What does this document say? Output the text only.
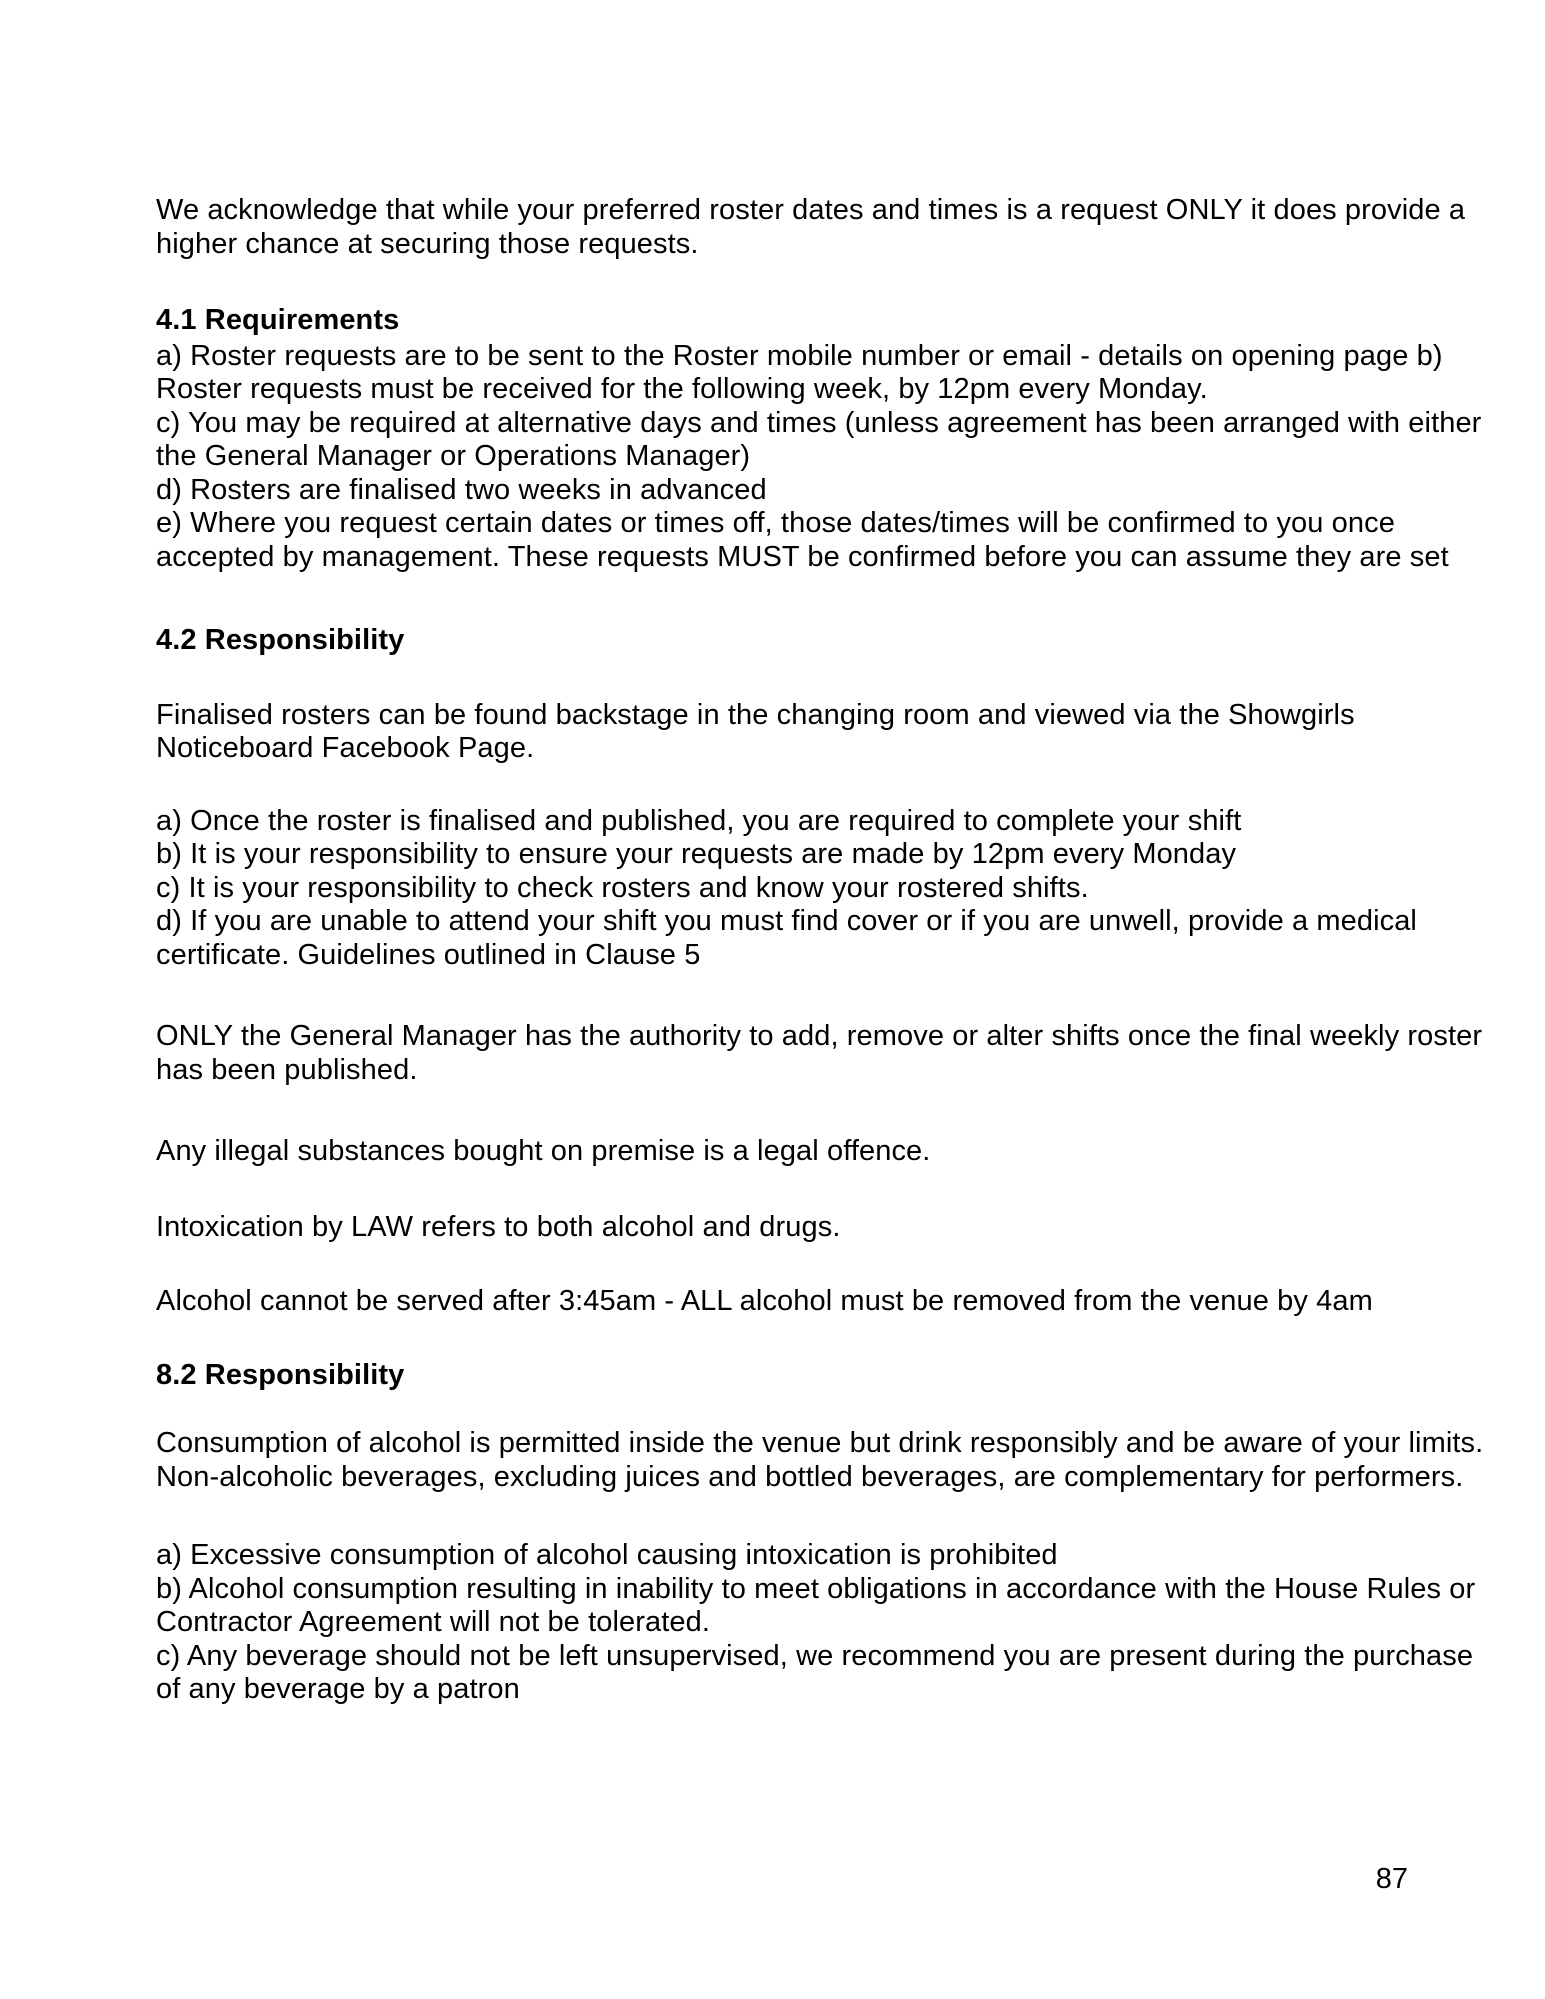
We acknowledge that while your preferred roster dates and times is a request ONLY it does provide a
higher chance at securing those requests.
4.1 Requirements
a) Roster requests are to be sent to the Roster mobile number or email - details on opening page b)
Roster requests must be received for the following week, by 12pm every Monday.
c) You may be required at alternative days and times (unless agreement has been arranged with either
the General Manager or Operations Manager)
d) Rosters are finalised two weeks in advanced
e) Where you request certain dates or times off, those dates/times will be confirmed to you once
accepted by management. These requests MUST be confirmed before you can assume they are set
4.2 Responsibility
Finalised rosters can be found backstage in the changing room and viewed via the Showgirls
Noticeboard Facebook Page.
a) Once the roster is finalised and published, you are required to complete your shift
b) It is your responsibility to ensure your requests are made by 12pm every Monday
c) It is your responsibility to check rosters and know your rostered shifts.
d) If you are unable to attend your shift you must find cover or if you are unwell, provide a medical
certificate. Guidelines outlined in Clause 5
ONLY the General Manager has the authority to add, remove or alter shifts once the final weekly roster
has been published.
Any illegal substances bought on premise is a legal offence.
Intoxication by LAW refers to both alcohol and drugs.
Alcohol cannot be served after 3:45am - ALL alcohol must be removed from the venue by 4am
8.2 Responsibility
Consumption of alcohol is permitted inside the venue but drink responsibly and be aware of your limits.
Non-alcoholic beverages, excluding juices and bottled beverages, are complementary for performers.
a) Excessive consumption of alcohol causing intoxication is prohibited
b) Alcohol consumption resulting in inability to meet obligations in accordance with the House Rules or
Contractor Agreement will not be tolerated.
c) Any beverage should not be left unsupervised, we recommend you are present during the purchase
of any beverage by a patron
87
